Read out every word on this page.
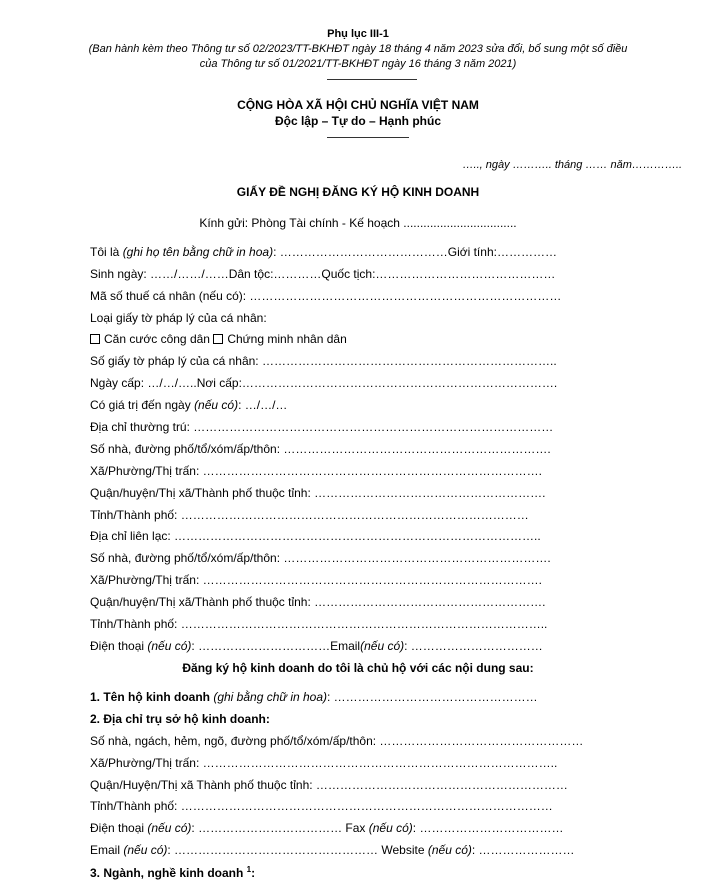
Phụ lục III-1
(Ban hành kèm theo Thông tư số 02/2023/TT-BKHĐT ngày 18 tháng 4 năm 2023 sửa đổi, bổ sung một số điều
của Thông tư số 01/2021/TT-BKHĐT ngày 16 tháng 3 năm 2021)
CỘNG HÒA XÃ HỘI CHỦ NGHĨA VIỆT NAM
Độc lập – Tự do – Hạnh phúc
….., ngày ……….. tháng …… năm…………..
GIẤY ĐỀ NGHỊ ĐĂNG KÝ HỘ KINH DOANH
Kính gửi: Phòng Tài chính - Kế hoạch ..................................
Tôi là (ghi họ tên bằng chữ in hoa): ……………………………………Giới tính:……………
Sinh ngày: ……/……/……Dân tộc:…………Quốc tịch:………………………………………
Mã số thuế cá nhân (nếu có): ……………………………………………………………………
Loại giấy tờ pháp lý của cá nhân:
Căn cước công dân Chứng minh nhân dân
Số giấy tờ pháp lý của cá nhân: ………………………………………………………………..
Ngày cấp: …/…/…..Nơi cấp:…………………………………………………………………….
Có giá trị đến ngày (nếu có): …/…/…
Địa chỉ thường trú: ………………………………………………………………………………
Số nhà, đường phố/tổ/xóm/ấp/thôn: ………………………………………………………….
Xã/Phường/Thị trấn: ………………………………………………………………………….
Quận/huyện/Thị xã/Thành phố thuộc tỉnh: ………………………………………………….
Tỉnh/Thành phố: ……………………………………………………………………………
Địa chỉ liên lạc: ………………………………………………………………………………..
Số nhà, đường phố/tổ/xóm/ấp/thôn: ………………………………………………………….
Xã/Phường/Thị trấn: ………………………………………………………………………….
Quận/huyện/Thị xã/Thành phố thuộc tỉnh: ………………………………………………….
Tỉnh/Thành phố: ………………………………………………………………………………..
Điện thoại (nếu có): ……………………………Email(nếu có): ……………………………
Đăng ký hộ kinh doanh do tôi là chủ hộ với các nội dung sau:
1. Tên hộ kinh doanh (ghi bằng chữ in hoa): ……………………………………………
2. Địa chỉ trụ sở hộ kinh doanh:
Số nhà, ngách, hẻm, ngõ, đường phố/tổ/xóm/ấp/thôn: ……………………………………………
Xã/Phường/Thị trấn: ……………………………………………………………………………..
Quận/Huyện/Thị xã Thành phố thuộc tỉnh: ………………………………………………………
Tỉnh/Thành phố: …………………………………………………………………………………
Điện thoại (nếu có): ……………………………… Fax (nếu có): ………………………………
Email (nếu có): …………………………………………… Website (nếu có): ……………………
3. Ngành, nghề kinh doanh $^1$:
